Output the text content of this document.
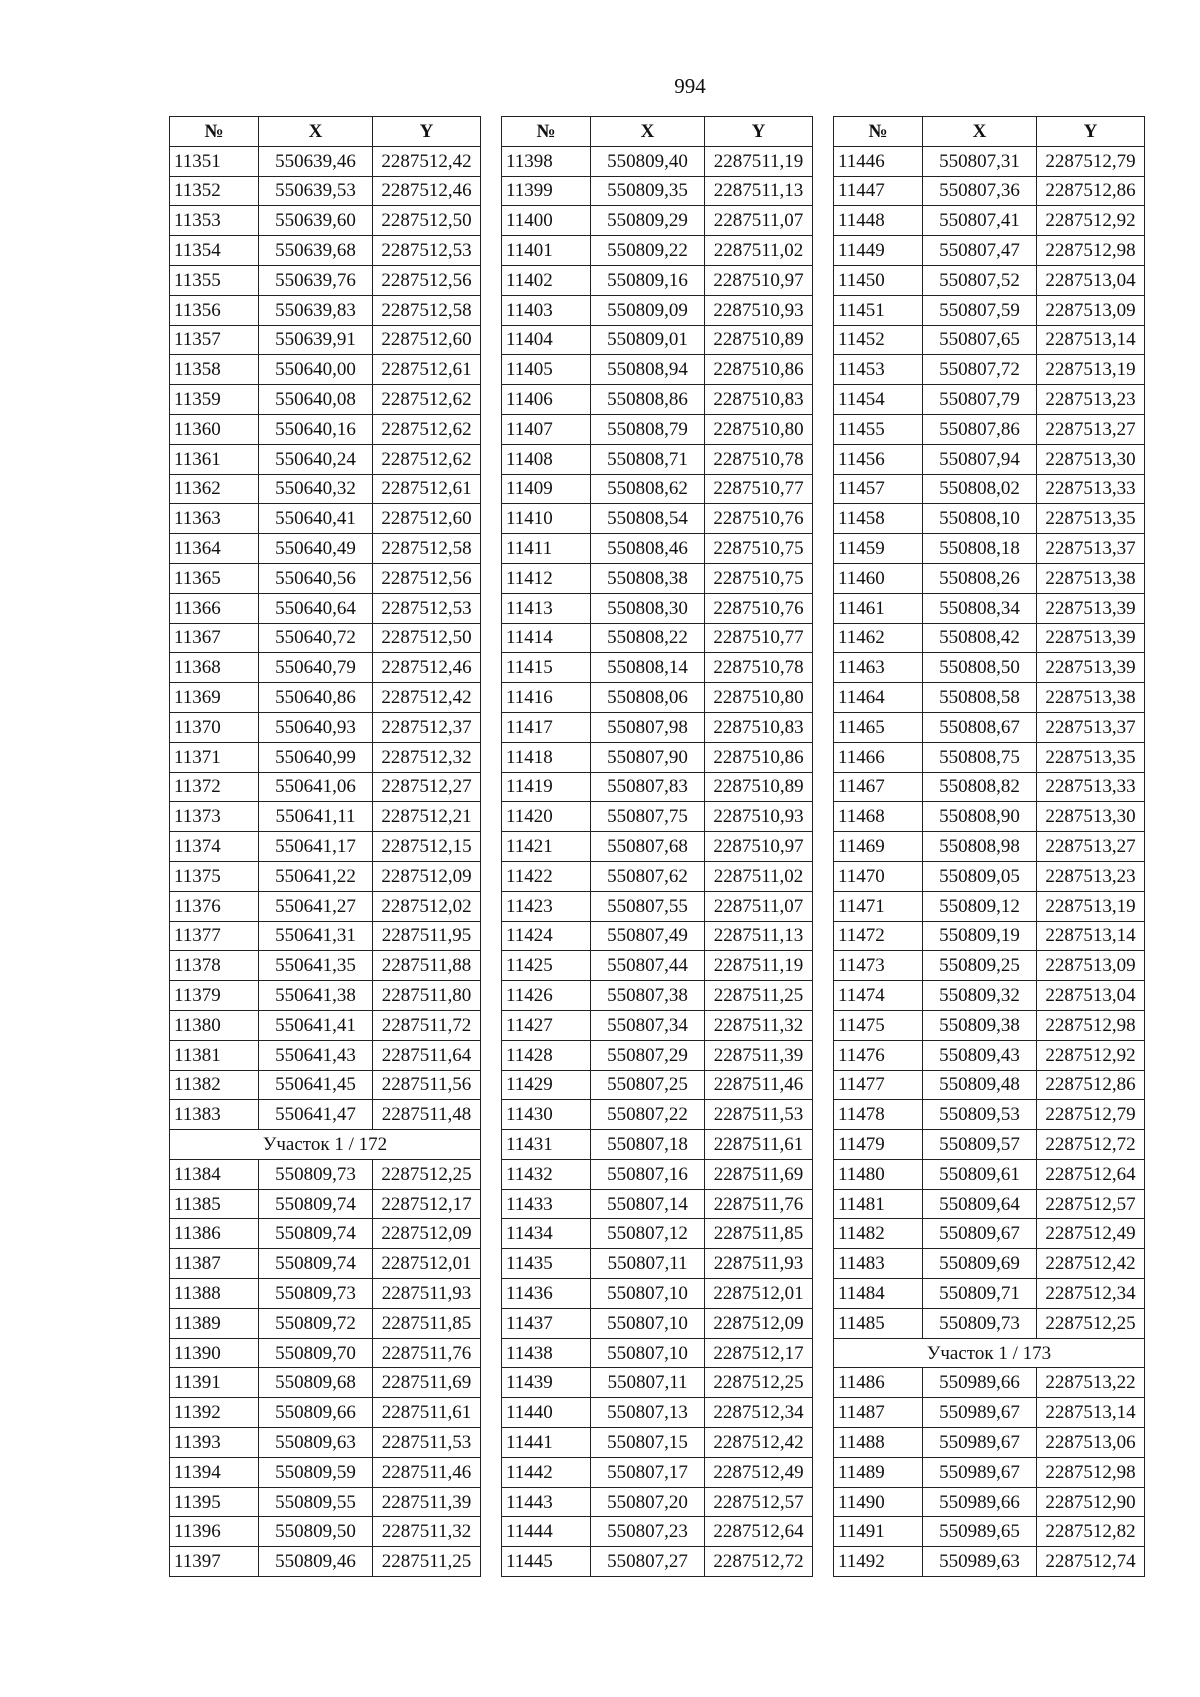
994
№	X	Y
11351	550639,46	2287512,42
11352	550639,53	2287512,46
11353	550639,60	2287512,50
11354	550639,68	2287512,53
11355	550639,76	2287512,56
11356	550639,83	2287512,58
11357	550639,91	2287512,60
11358	550640,00	2287512,61
11359	550640,08	2287512,62
11360	550640,16	2287512,62
11361	550640,24	2287512,62
11362	550640,32	2287512,61
11363	550640,41	2287512,60
11364	550640,49	2287512,58
11365	550640,56	2287512,56
11366	550640,64	2287512,53
11367	550640,72	2287512,50
11368	550640,79	2287512,46
11369	550640,86	2287512,42
11370	550640,93	2287512,37
11371	550640,99	2287512,32
11372	550641,06	2287512,27
11373	550641,11	2287512,21
11374	550641,17	2287512,15
11375	550641,22	2287512,09
11376	550641,27	2287512,02
11377	550641,31	2287511,95
11378	550641,35	2287511,88
11379	550641,38	2287511,80
11380	550641,41	2287511,72
11381	550641,43	2287511,64
11382	550641,45	2287511,56
11383	550641,47	2287511,48
Участок 1 / 172		
11384	550809,73	2287512,25
11385	550809,74	2287512,17
11386	550809,74	2287512,09
11387	550809,74	2287512,01
11388	550809,73	2287511,93
11389	550809,72	2287511,85
11390	550809,70	2287511,76
11391	550809,68	2287511,69
11392	550809,66	2287511,61
11393	550809,63	2287511,53
11394	550809,59	2287511,46
11395	550809,55	2287511,39
11396	550809,50	2287511,32
11397	550809,46	2287511,25
№	X	Y
11398	550809,40	2287511,19
11399	550809,35	2287511,13
11400	550809,29	2287511,07
11401	550809,22	2287511,02
11402	550809,16	2287510,97
11403	550809,09	2287510,93
11404	550809,01	2287510,89
11405	550808,94	2287510,86
11406	550808,86	2287510,83
11407	550808,79	2287510,80
11408	550808,71	2287510,78
11409	550808,62	2287510,77
11410	550808,54	2287510,76
11411	550808,46	2287510,75
11412	550808,38	2287510,75
11413	550808,30	2287510,76
11414	550808,22	2287510,77
11415	550808,14	2287510,78
11416	550808,06	2287510,80
11417	550807,98	2287510,83
11418	550807,90	2287510,86
11419	550807,83	2287510,89
11420	550807,75	2287510,93
11421	550807,68	2287510,97
11422	550807,62	2287511,02
11423	550807,55	2287511,07
11424	550807,49	2287511,13
11425	550807,44	2287511,19
11426	550807,38	2287511,25
11427	550807,34	2287511,32
11428	550807,29	2287511,39
11429	550807,25	2287511,46
11430	550807,22	2287511,53
11431	550807,18	2287511,61
11432	550807,16	2287511,69
11433	550807,14	2287511,76
11434	550807,12	2287511,85
11435	550807,11	2287511,93
11436	550807,10	2287512,01
11437	550807,10	2287512,09
11438	550807,10	2287512,17
11439	550807,11	2287512,25
11440	550807,13	2287512,34
11441	550807,15	2287512,42
11442	550807,17	2287512,49
11443	550807,20	2287512,57
11444	550807,23	2287512,64
11445	550807,27	2287512,72
№	X	Y
11446	550807,31	2287512,79
11447	550807,36	2287512,86
11448	550807,41	2287512,92
11449	550807,47	2287512,98
11450	550807,52	2287513,04
11451	550807,59	2287513,09
11452	550807,65	2287513,14
11453	550807,72	2287513,19
11454	550807,79	2287513,23
11455	550807,86	2287513,27
11456	550807,94	2287513,30
11457	550808,02	2287513,33
11458	550808,10	2287513,35
11459	550808,18	2287513,37
11460	550808,26	2287513,38
11461	550808,34	2287513,39
11462	550808,42	2287513,39
11463	550808,50	2287513,39
11464	550808,58	2287513,38
11465	550808,67	2287513,37
11466	550808,75	2287513,35
11467	550808,82	2287513,33
11468	550808,90	2287513,30
11469	550808,98	2287513,27
11470	550809,05	2287513,23
11471	550809,12	2287513,19
11472	550809,19	2287513,14
11473	550809,25	2287513,09
11474	550809,32	2287513,04
11475	550809,38	2287512,98
11476	550809,43	2287512,92
11477	550809,48	2287512,86
11478	550809,53	2287512,79
11479	550809,57	2287512,72
11480	550809,61	2287512,64
11481	550809,64	2287512,57
11482	550809,67	2287512,49
11483	550809,69	2287512,42
11484	550809,71	2287512,34
11485	550809,73	2287512,25
Участок 1 / 173		
11486	550989,66	2287513,22
11487	550989,67	2287513,14
11488	550989,67	2287513,06
11489	550989,67	2287512,98
11490	550989,66	2287512,90
11491	550989,65	2287512,82
11492	550989,63	2287512,74
